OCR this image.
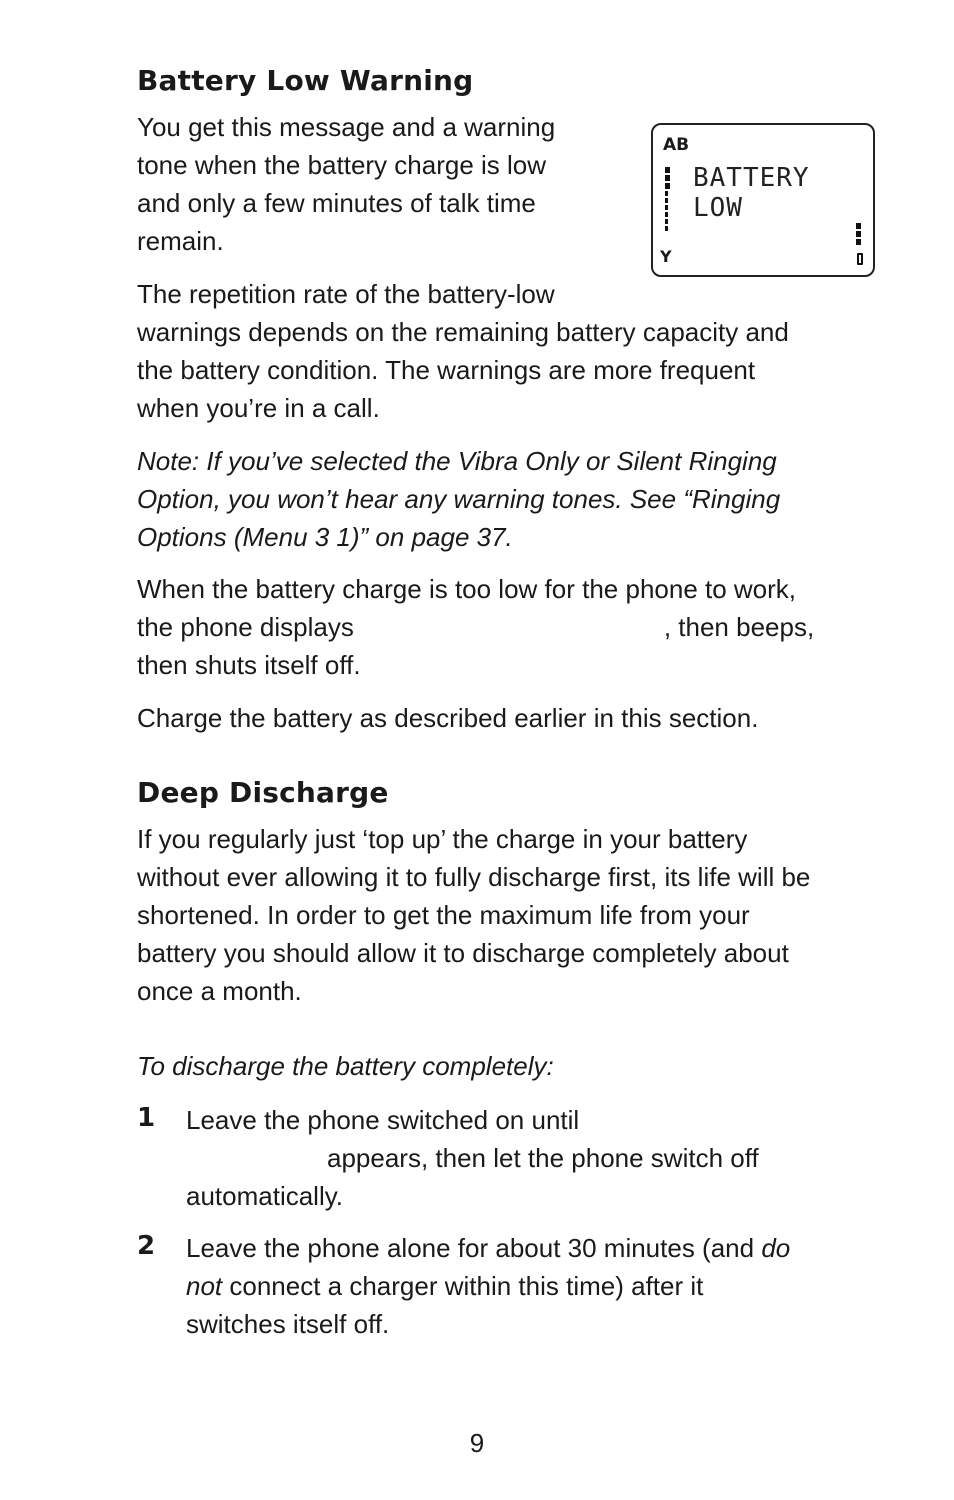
Battery Low Warning

You get this message and a warning
tone when the battery charge is low
and only a few minutes of talk time
remain.

The repetition rate of the battery-low
warnings depends on the remaining battery capacity and
the battery condition. The warnings are more frequent
when you’re in a call.

Note: If you’ve selected the Vibra Only or Silent Ringing
Option, you won’t hear any warning tones. See “Ringing
Options (Menu 3 1)” on page 37.

When the battery charge is too low for the phone to work,
the phone displays	, then beeps,
then shuts itself off.

Charge the battery as described earlier in this section.

Deep Discharge

If you regularly just ‘top up’ the charge in your battery
without ever allowing it to fully discharge first, its life will be
shortened. In order to get the maximum life from your
battery you should allow it to discharge completely about
once a month.

To discharge the battery completely:

1 Leave the phone switched on until
appears, then let the phone switch off
automatically.

2 Leave the phone alone for about 30 minutes (and do
not connect a charger within this time) after it
switches itself off.

AB
BATTERY
LOW
Υ
9
